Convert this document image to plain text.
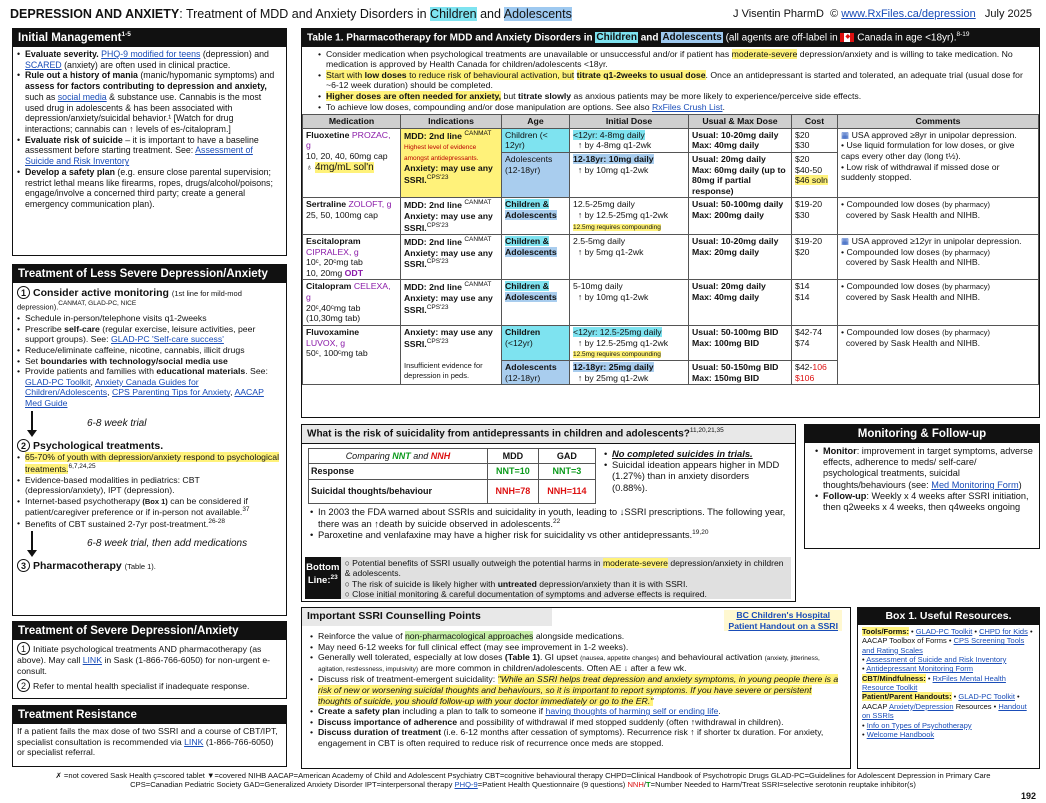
DEPRESSION AND ANXIETY: Treatment of MDD and Anxiety Disorders in Children and Adolescents	J Visentin PharmD © www.RxFiles.ca/depression July 2025
Initial Management$^{1-5}$
• Evaluate severity. PHQ-9 modified for teens (depression) and SCARED (anxiety) are often used in clinical practice.
• Rule out a history of mania (manic/hypomanic symptoms) and assess for factors contributing to depression and anxiety, such as social media & substance use. Cannabis is the most used drug in adolescents & has been associated with depression/anxiety/suicidal behavior.¹ [Watch for drug interactions; cannabis can ↑ levels of es-/citalopram.]
• Evaluate risk of suicide – it is important to have a baseline assessment before starting treatment. See: Assessment of Suicide and Risk Inventory
• Develop a safety plan (e.g. ensure close parental supervision; restrict lethal means like firearms, ropes, drugs/alcohol/poisons; engage/involve a concerned third party; create a general emergency communication plan).
Treatment of Less Severe Depression/Anxiety
1 Consider active monitoring (1st line for mild-mod depression).$^{CANMAT, GLAD-PC, NICE}$
• Schedule in-person/telephone visits q1-2weeks
• Prescribe self-care (regular exercise, leisure activities, peer support groups). See: GLAD-PC 'Self-care success'
• Reduce/eliminate caffeine, nicotine, cannabis, illicit drugs
• Set boundaries with technology/social media use
• Provide patients and families with educational materials. See: GLAD-PC Toolkit, Anxiety Canada Guides for Children/Adolescents, CPS Parenting Tips for Anxiety, AACAP Med Guide
6-8 week trial
2 Psychological treatments.
• 65-70% of youth with depression/anxiety respond to psychological treatments.$^{6,7,24,25}$
• Evidence-based modalities in pediatrics: CBT (depression/anxiety), IPT (depression).
• Internet-based psychotherapy (Box 1) can be considered if patient/caregiver preference or if in-person not available.$^{37}$
• Benefits of CBT sustained 2-7yr post-treatment.$^{26-28}$
6-8 week trial, then add medications
3 Pharmacotherapy (Table 1).
Treatment of Severe Depression/Anxiety
1 Initiate psychological treatments AND pharmacotherapy (as above). May call LINK in Sask (1-866-766-6050) for non-urgent e-consult.
2 Refer to mental health specialist if inadequate response.
Treatment Resistance
If a patient fails the max dose of two SSRI and a course of CBT/IPT, specialist consultation is recommended via LINK (1-866-766-6050) or specialist referral.
Table 1. Pharmacotherapy for MDD and Anxiety Disorders in Children and Adolescents (all agents are off-label in ◆ Canada in age <18yr).$^{8-19}$
• Consider medication when psychological treatments are unavailable or unsuccessful and/or if patient has moderate-severe depression/anxiety and is willing to take medication. No medication is approved by Health Canada for children/adolescents <18yr.
• Start with low doses to reduce risk of behavioural activation, but titrate q1-2weeks to usual dose. Once an antidepressant is started and tolerated, an adequate trial (usual dose for ~6-12 week duration) should be completed.
• Higher doses are often needed for anxiety, but titrate slowly as anxious patients may be more likely to experience/perceive side effects.
• To achieve low doses, compounding and/or dose manipulation are options. See also RxFiles Crush List.
Medication	Indications	Age	Initial Dose	Usual & Max Dose	Cost	Comments
Fluoxetine PROZAC, g
10, 20, 40, 60mg cap
♁ 4mg/mL sol'n	MDD: 2nd line $^{CANMAT}$
Highest level of evidence amongst antidepressants.
Anxiety: may use any SSRI.$^{CPS'23}$	Children (< 12yr)	<12yr: 4-8mg daily
↑ by 4-8mg q1-2wk	Usual: 10-20mg daily
Max: 40mg daily	$20
$30	▦ USA approved ≥8yr in unipolar depression.
• Use liquid formulation for low doses, or give caps every other day (long t½).
• Low risk of withdrawal if missed dose or suddenly stopped.
		Adolescents (12-18yr)	12-18yr: 10mg daily
↑ by 10mg q1-2wk	Usual: 20mg daily
Max: 60mg daily (up to 80mg if partial response)	$20
$40-50
$46 soln	
Sertraline ZOLOFT, g
25, 50, 100mg cap	MDD: 2nd line $^{CANMAT}$
Anxiety: may use any SSRI.$^{CPS'23}$	Children &
Adolescents	12.5-25mg daily
↑ by 12.5-25mg q1-2wk
12.5mg requires compounding	Usual: 50-100mg daily
Max: 200mg daily	$19-20
$30	• Compounded low doses (by pharmacy)
covered by Sask Health and NIHB.
Escitalopram
CIPRALEX, g
10ᶜ, 20ᶜmg tab
10, 20mg ODT	MDD: 2nd line $^{CANMAT}$
Anxiety: may use any SSRI.$^{CPS'23}$	Children &
Adolescents	2.5-5mg daily
↑ by 5mg q1-2wk	Usual: 10-20mg daily
Max: 20mg daily	$19-20
$20	▦ USA approved ≥12yr in unipolar depression.
• Compounded low doses (by pharmacy)
covered by Sask Health and NIHB.
Citalopram CELEXA, g
20ᶜ,40ᶜmg tab
(10,30mg tab)	MDD: 2nd line $^{CANMAT}$
Anxiety: may use any SSRI.$^{CPS'23}$	Children &
Adolescents	5-10mg daily
↑ by 10mg q1-2wk	Usual: 20mg daily
Max: 40mg daily	$14
$14	• Compounded low doses (by pharmacy)
covered by Sask Health and NIHB.
Fluvoxamine
LUVOX, g
50ᶜ, 100ᶜmg tab	Anxiety: may use any SSRI.$^{CPS'23}$

Insufficient evidence for depression in peds.	Children
(<12yr)	<12yr: 12.5-25mg daily
↑ by 12.5-25mg q1-2wk
12.5mg requires compounding	Usual: 50-100mg BID
Max: 100mg BID	$42-74
$74	• Compounded low doses (by pharmacy)
covered by Sask Health and NIHB.
		Adolescents
(12-18yr)	12-18yr: 25mg daily
↑ by 25mg q1-2wk	Usual: 50-150mg BID
Max: 150mg BID	$42-106
$106	
What is the risk of suicidality from antidepressants in children and adolescents?$^{11,20,21,35}$
Comparing NNT and NNH	MDD	GAD
Response	NNT=10	NNT=3
Suicidal thoughts/behaviour	NNH=78	NNH=114
• No completed suicides in trials.
• Suicidal ideation appears higher in MDD (1.27%) than in anxiety disorders (0.88%).
• In 2003 the FDA warned about SSRIs and suicidality in youth, leading to ↓SSRI prescriptions. The following year, there was an ↑death by suicide observed in adolescents.$^{22}$
• Paroxetine and venlafaxine may have a higher risk for suicidality vs other antidepressants.$^{19,20}$
Bottom Line:$^{23}$
○ Potential benefits of SSRI usually outweigh the potential harms in moderate-severe depression/anxiety in children & adolescents.
○ The risk of suicide is likely higher with untreated depression/anxiety than it is with SSRI.
○ Close initial monitoring & careful documentation of symptoms and adverse effects is required.
Monitoring & Follow-up
• Monitor: improvement in target symptoms, adverse effects, adherence to meds/ self-care/ psychological treatments, suicidal thoughts/behaviours (see: Med Monitoring Form)
• Follow-up: Weekly x 4 weeks after SSRI initiation, then q2weeks x 4 weeks, then q4weeks ongoing
Important SSRI Counselling Points	BC Children's Hospital
Patient Handout on a SSRI
• Reinforce the value of non-pharmacological approaches alongside medications.
• May need 6-12 weeks for full clinical effect (may see improvement in 1-2 weeks).
• Generally well tolerated, especially at low doses (Table 1). GI upset (nausea, appetite changes) and behavioural activation (anxiety, jitteriness, agitation, restlessness, impulsivity) are more common in children/adolescents. Often AE ↓ after a few wk.
• Discuss risk of treatment-emergent suicidality: "While an SSRI helps treat depression and anxiety symptoms, in young people there is a risk of new or worsening suicidal thoughts and behaviours, so it is important to report symptoms. If you have severe or persistent thoughts of suicide, you should follow-up with your doctor immediately or go to the ER."
• Create a safety plan including a plan to talk to someone if having thoughts of harming self or ending life.
• Discuss importance of adherence and possibility of withdrawal if med stopped suddenly (often ↑withdrawal in children).
• Discuss duration of treatment (i.e. 6-12 months after cessation of symptoms). Recurrence risk ↑ if shorter tx duration. For anxiety, engagement in CBT is often required to reduce risk of recurrence once meds are stopped.
Box 1. Useful Resources.
Tools/Forms: • GLAD-PC Toolkit • CHPD for Kids • AACAP Toolbox of Forms • CPS Screening Tools and Rating Scales
• Assessment of Suicide and Risk Inventory
• Antidepressant Monitoring Form
CBT/Mindfulness: • RxFiles Mental Health Resource Toolkit
Patient/Parent Handouts: • GLAD-PC Toolkit • AACAP Anxiety/Depression Resources • Handout on SSRIs
• Info on Types of Psychotherapy
• Welcome Handbook
✗ =not covered Sask Health ç=scored tablet ▼=covered NIHB AACAP=American Academy of Child and Adolescent Psychiatry CBT=cognitive behavioural therapy CHPD=Clinical Handbook of Psychotropic Drugs GLAD-PC=Guidelines for Adolescent Depression in Primary Care
CPS=Canadian Pediatric Society GAD=Generalized Anxiety Disorder IPT=interpersonal therapy PHQ-9=Patient Health Questionnaire (9 questions) NNH/T=Number Needed to Harm/Treat SSRI=selective serotonin reuptake inhibitor(s)
192
